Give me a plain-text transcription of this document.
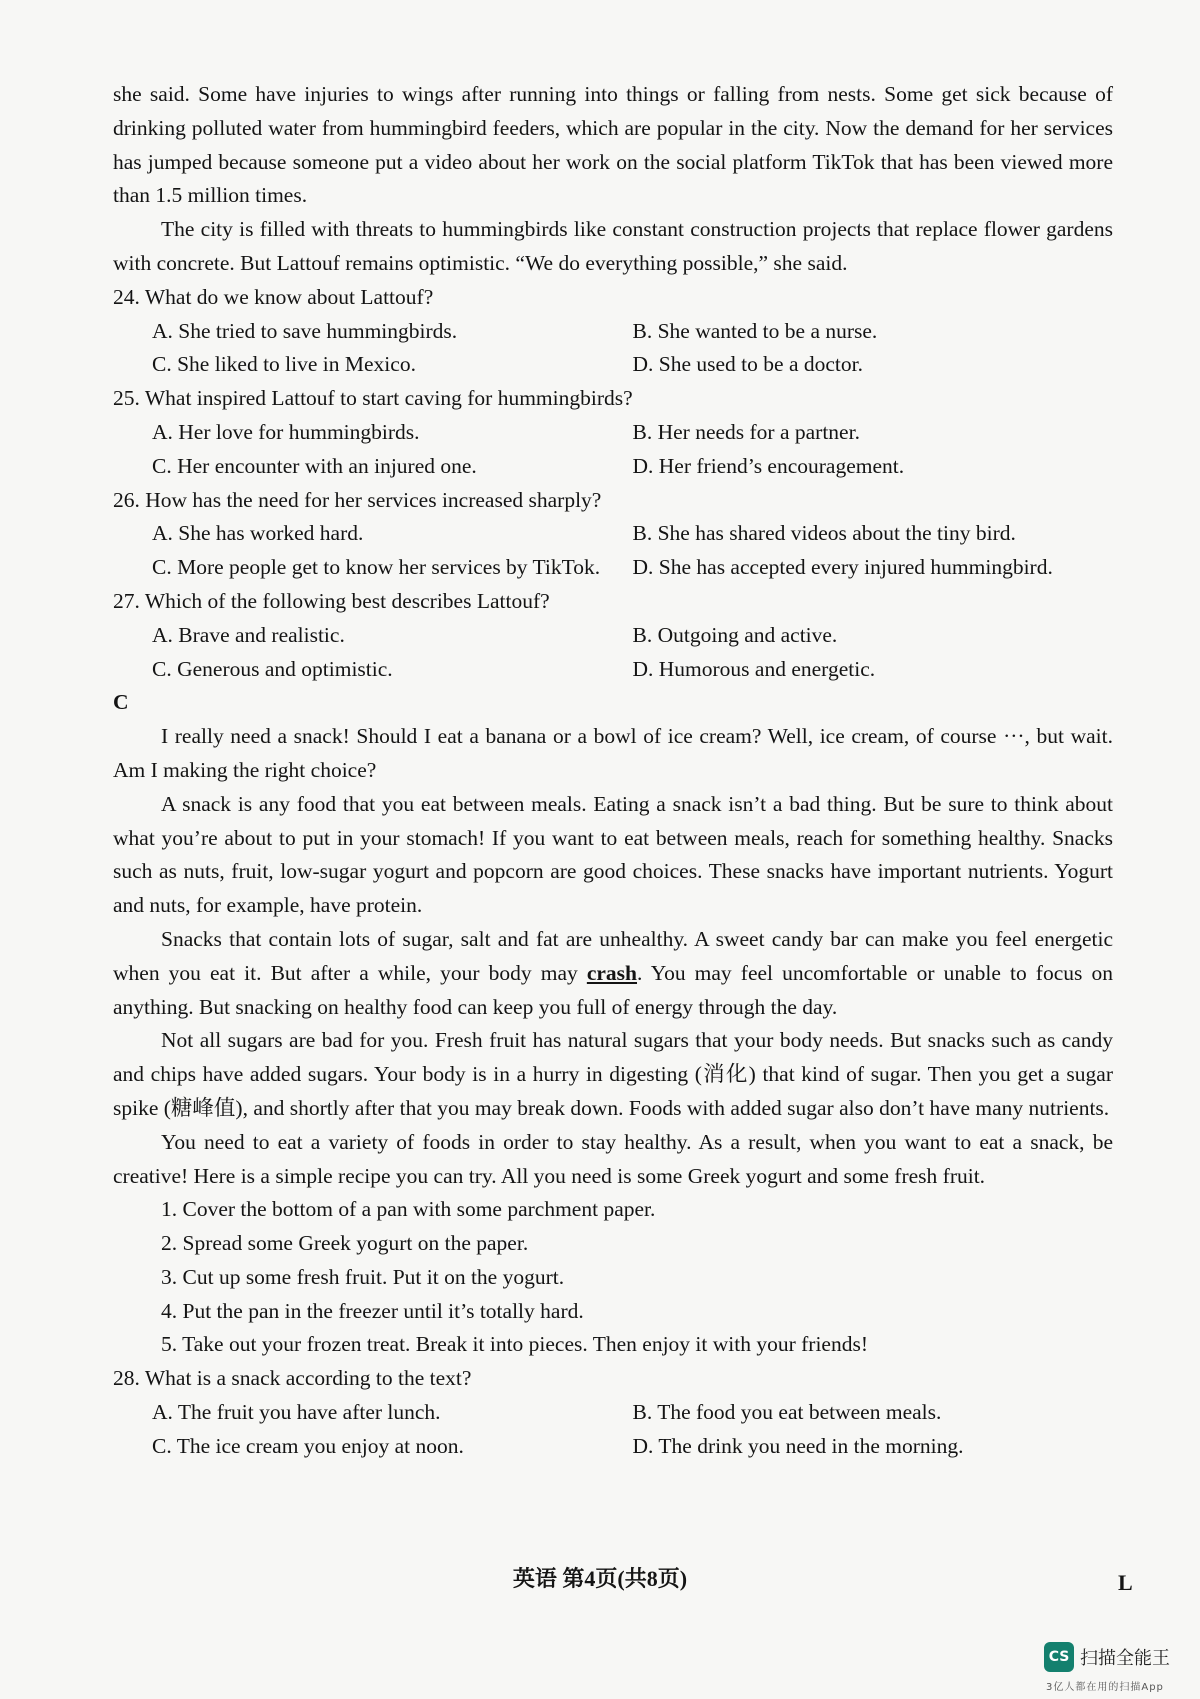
she said. Some have injuries to wings after running into things or falling from nests. Some get sick because of drinking polluted water from hummingbird feeders, which are popular in the city. Now the demand for her services has jumped because someone put a video about her work on the social platform TikTok that has been viewed more than 1.5 million times.

The city is filled with threats to hummingbirds like constant construction projects that replace flower gardens with concrete. But Lattouf remains optimistic. “We do everything possible,” she said.

24. What do we know about Lattouf?

A. She tried to save hummingbirds.	B. She wanted to be a nurse.
C. She liked to live in Mexico.	D. She used to be a doctor.

25. What inspired Lattouf to start caving for hummingbirds?

A. Her love for hummingbirds.	B. Her needs for a partner.
C. Her encounter with an injured one.	D. Her friend’s encouragement.

26. How has the need for her services increased sharply?

A. She has worked hard.	B. She has shared videos about the tiny bird.
C. More people get to know her services by TikTok.	D. She has accepted every injured hummingbird.

27. Which of the following best describes Lattouf?

A. Brave and realistic.	B. Outgoing and active.
C. Generous and optimistic.	D. Humorous and energetic.

C

I really need a snack! Should I eat a banana or a bowl of ice cream? Well, ice cream, of course ···, but wait. Am I making the right choice?

A snack is any food that you eat between meals. Eating a snack isn’t a bad thing. But be sure to think about what you’re about to put in your stomach! If you want to eat between meals, reach for something healthy. Snacks such as nuts, fruit, low-sugar yogurt and popcorn are good choices. These snacks have important nutrients. Yogurt and nuts, for example, have protein.

Snacks that contain lots of sugar, salt and fat are unhealthy. A sweet candy bar can make you feel energetic when you eat it. But after a while, your body may crash. You may feel uncomfortable or unable to focus on anything. But snacking on healthy food can keep you full of energy through the day.

Not all sugars are bad for you. Fresh fruit has natural sugars that your body needs. But snacks such as candy and chips have added sugars. Your body is in a hurry in digesting (消化) that kind of sugar. Then you get a sugar spike (糖峰值), and shortly after that you may break down. Foods with added sugar also don’t have many nutrients.

You need to eat a variety of foods in order to stay healthy. As a result, when you want to eat a snack, be creative! Here is a simple recipe you can try. All you need is some Greek yogurt and some fresh fruit.

1. Cover the bottom of a pan with some parchment paper.

2. Spread some Greek yogurt on the paper.

3. Cut up some fresh fruit. Put it on the yogurt.

4. Put the pan in the freezer until it’s totally hard.

5. Take out your frozen treat. Break it into pieces. Then enjoy it with your friends!

28. What is a snack according to the text?

A. The fruit you have after lunch.	B. The food you eat between meals.
C. The ice cream you enjoy at noon.	D. The drink you need in the morning.
英语 第4页(共8页)	L
CS 扫描全能王
3亿人都在用的扫描App
